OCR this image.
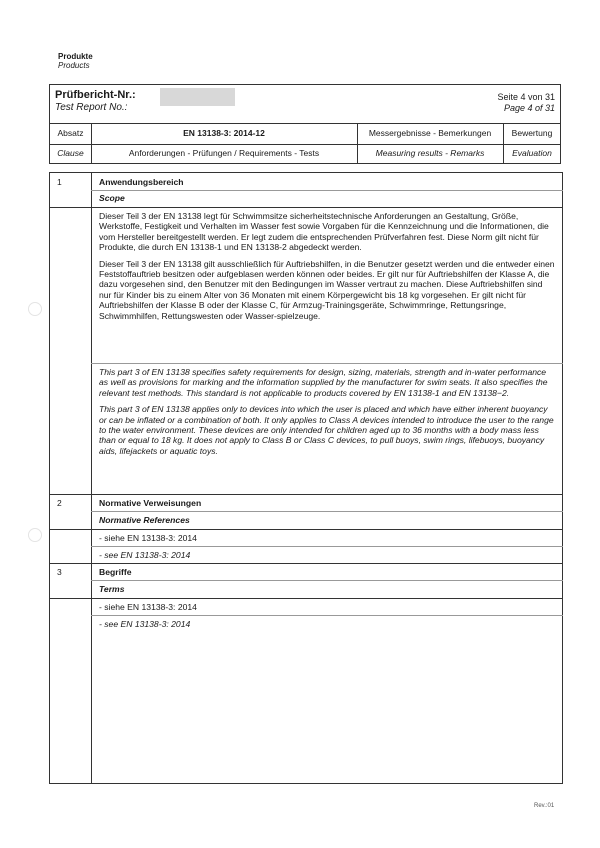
Produkte
Products
Prüfbericht-Nr.:
Test Report No.:
Seite 4 von 31
Page 4 of 31
Absatz	EN 13138-3: 2014-12	Messergebnisse - Bemerkungen	Bewertung
Clause	Anforderungen - Prüfungen / Requirements - Tests	Measuring results - Remarks	Evaluation
1	Anwendungsbereich
Scope

Dieser Teil 3 der EN 13138 legt für Schwimmsitze sicherheitstechnische Anforderungen an Gestaltung, Größe, Werkstoffe, Festigkeit und Verhalten im Wasser fest sowie Vorgaben für die Kennzeichnung und die Informationen, die vom Hersteller bereitgestellt werden. Er legt zudem die entsprechenden Prüfverfahren fest. Diese Norm gilt nicht für Produkte, die durch EN 13138-1 und EN 13138-2 abgedeckt werden.

Dieser Teil 3 der EN 13138 gilt ausschließlich für Auftriebshilfen, in die Benutzer gesetzt werden und die entweder einen Feststoffauftrieb besitzen oder aufgeblasen werden können oder beides. Er gilt nur für Auftriebshilfen der Klasse A, die dazu vorgesehen sind, den Benutzer mit den Bedingungen im Wasser vertraut zu machen. Diese Auftriebshilfen sind nur für Kinder bis zu einem Alter von 36 Monaten mit einem Körpergewicht bis 18 kg vorgesehen. Er gilt nicht für Auftriebshilfen der Klasse B oder der Klasse C, für Armzug-Trainingsgeräte, Schwimmringe, Rettungsringe, Schwimmhilfen, Rettungswesten oder Wasser-spielzeuge.

This part 3 of EN 13138 specifies safety requirements for design, sizing, materials, strength and in-water performance as well as provisions for marking and the information supplied by the manufacturer for swim seats. It also specifies the relevant test methods. This standard is not applicable to products covered by EN 13138-1 and EN 13138−2.

This part 3 of EN 13138 applies only to devices into which the user is placed and which have either inherent buoyancy or can be inflated or a combination of both. It only applies to Class A devices intended to introduce the user to the range to the water environment. These devices are only intended for children aged up to 36 months with a body mass less than or equal to 18 kg. It does not apply to Class B or Class C devices, to pull buoys, swim rings, lifebuoys, buoyancy aids, lifejackets or aquatic toys.

2	Normative Verweisungen
Normative References
- siehe EN 13138-3: 2014
- see EN 13138-3: 2014
3	Begriffe
Terms
- siehe EN 13138-3: 2014
- see EN 13138-3: 2014
Rev.:01
